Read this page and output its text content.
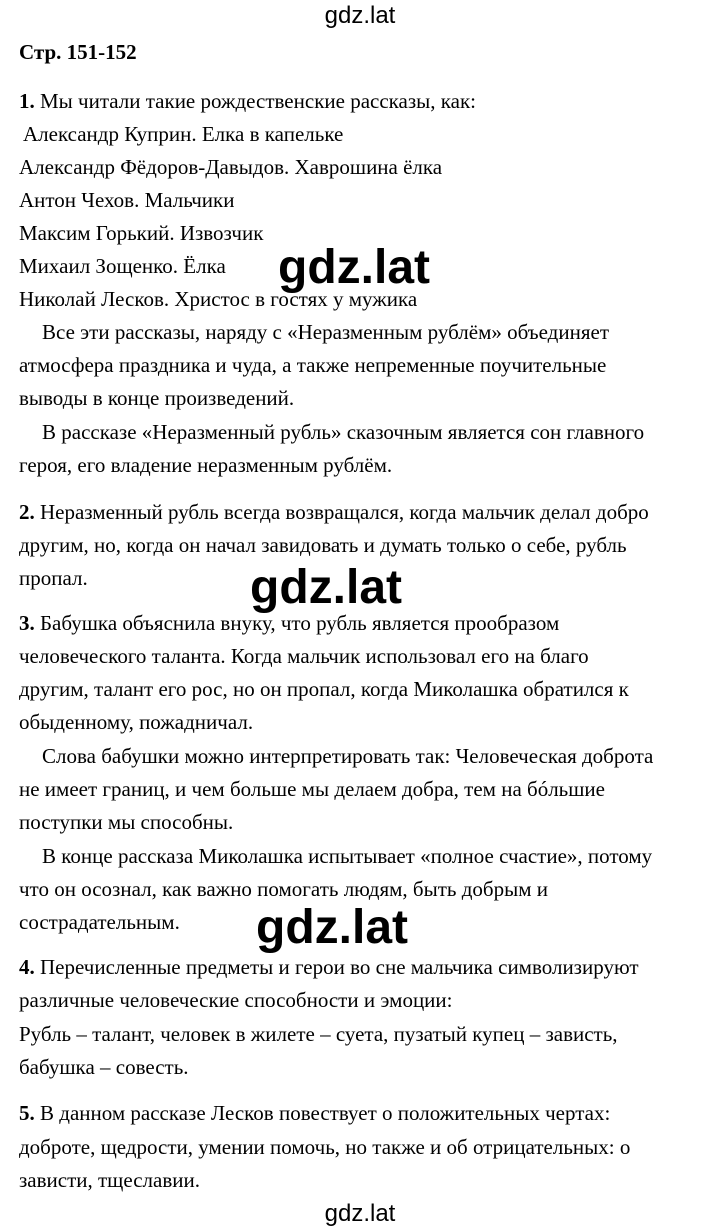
gdz.lat
gdz.lat
gdz.lat
gdz.lat
gdz.lat
Стр. 151-152
1. Мы читали такие рождественские рассказы, как:
Александр Куприн. Елка в капельке
Александр Фёдоров-Давыдов. Хаврошина ёлка
Антон Чехов. Мальчики
Максим Горький. Извозчик
Михаил Зощенко. Ёлка
Николай Лесков. Христос в гостях у мужика
Все эти рассказы, наряду с «Неразменным рублём» объединяет
атмосфера праздника и чуда, а также непременные поучительные
выводы в конце произведений.
В рассказе «Неразменный рубль» сказочным является сон главного
героя, его владение неразменным рублём.
2. Неразменный рубль всегда возвращался, когда мальчик делал добро
другим, но, когда он начал завидовать и думать только о себе, рубль
пропал.
3. Бабушка объяснила внуку, что рубль является прообразом
человеческого таланта. Когда мальчик использовал его на благо
другим, талант его рос, но он пропал, когда Миколашка обратился к
обыденному, пожадничал.
Слова бабушки можно интерпретировать так: Человеческая доброта
не имеет границ, и чем больше мы делаем добра, тем на бóльшие
поступки мы способны.
В конце рассказа Миколашка испытывает «полное счастие», потому
что он осознал, как важно помогать людям, быть добрым и
сострадательным.
4. Перечисленные предметы и герои во сне мальчика символизируют
различные человеческие способности и эмоции:
Рубль – талант, человек в жилете – суета, пузатый купец – зависть,
бабушка – совесть.
5. В данном рассказе Лесков повествует о положительных чертах:
доброте, щедрости, умении помочь, но также и об отрицательных: о
зависти, тщеславии.
